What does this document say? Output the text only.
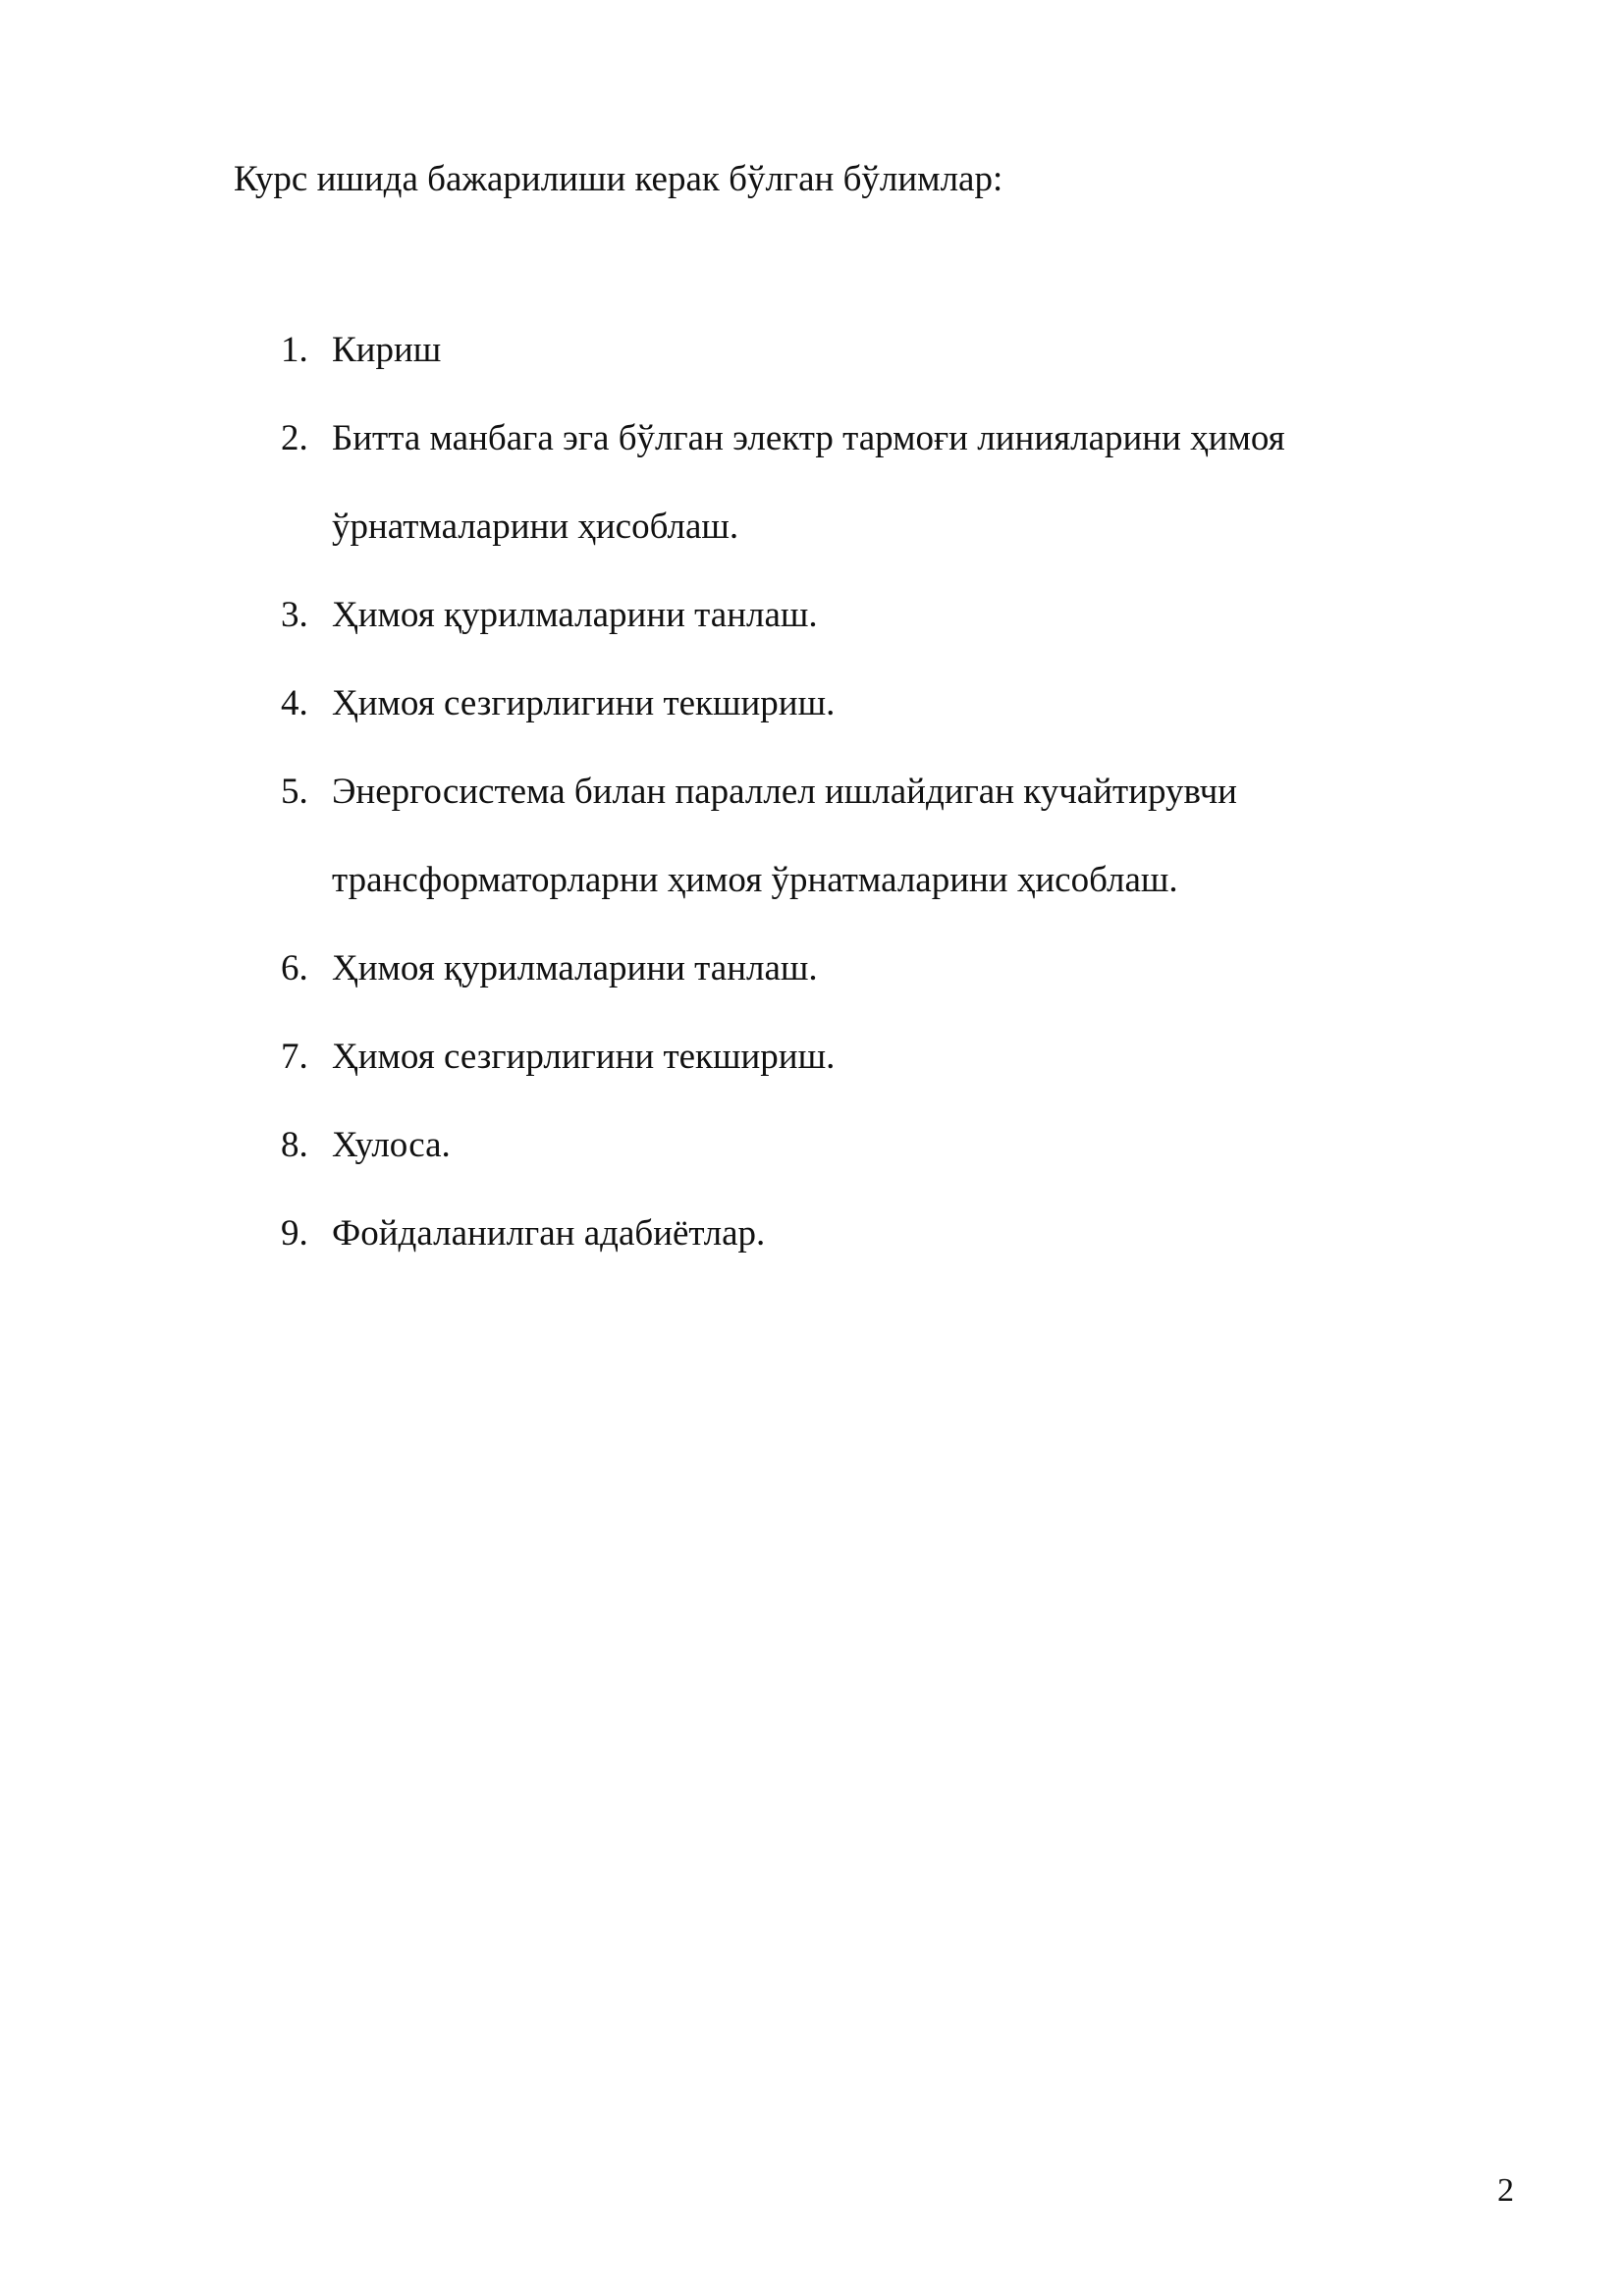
Курс ишида бажарилиши керак бўлган бўлимлар:
1. Кириш
2. Битта манбага эга бўлган электр тармоғи линияларини ҳимоя
ўрнатмаларини ҳисоблаш.
3. Ҳимоя қурилмаларини танлаш.
4. Ҳимоя сезгирлигини текшириш.
5. Энергосистема билан параллел ишлайдиган кучайтирувчи
трансформаторларни ҳимоя ўрнатмаларини ҳисоблаш.
6. Ҳимоя қурилмаларини танлаш.
7. Ҳимоя сезгирлигини текшириш.
8. Хулоса.
9. Фойдаланилган адабиётлар.
2
